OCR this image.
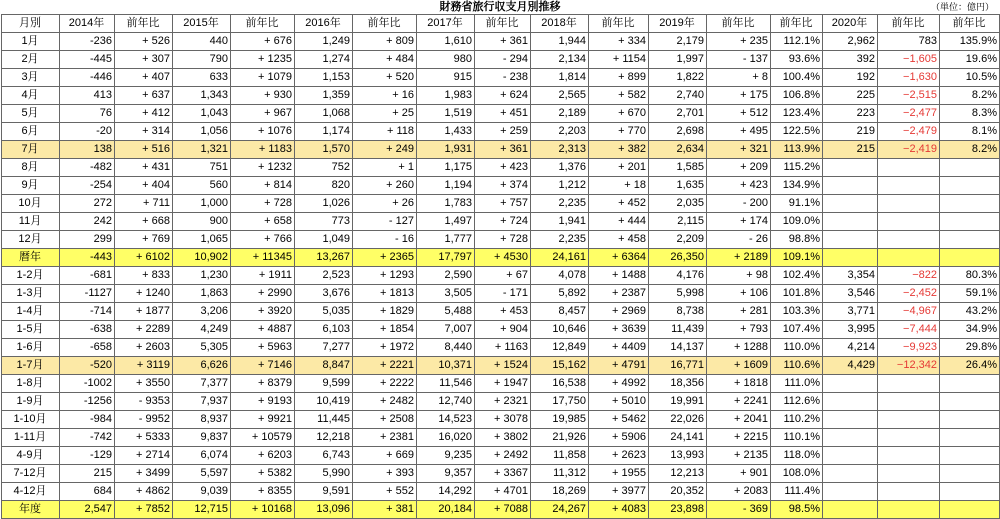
財務省旅行収支月別推移	（単位：億円）
月別	2014年	前年比	2015年	前年比	2016年	前年比	2017年	前年比	2018年	前年比	2019年	前年比	前年比	2020年	前年比	前年比
1月	-236	+ 526	440	+ 676	1,249	+ 809	1,610	+ 361	1,944	+ 334	2,179	+ 235	112.1%	2,962	783	135.9%
2月	-445	+ 307	790	+ 1235	1,274	+ 484	980	- 294	2,134	+ 1154	1,997	- 137	93.6%	392	−1,605	19.6%
3月	-446	+ 407	633	+ 1079	1,153	+ 520	915	- 238	1,814	+ 899	1,822	+ 8	100.4%	192	−1,630	10.5%
4月	413	+ 637	1,343	+ 930	1,359	+ 16	1,983	+ 624	2,565	+ 582	2,740	+ 175	106.8%	225	−2,515	8.2%
5月	76	+ 412	1,043	+ 967	1,068	+ 25	1,519	+ 451	2,189	+ 670	2,701	+ 512	123.4%	223	−2,477	8.3%
6月	-20	+ 314	1,056	+ 1076	1,174	+ 118	1,433	+ 259	2,203	+ 770	2,698	+ 495	122.5%	219	−2,479	8.1%
7月	138	+ 516	1,321	+ 1183	1,570	+ 249	1,931	+ 361	2,313	+ 382	2,634	+ 321	113.9%	215	−2,419	8.2%
8月	-482	+ 431	751	+ 1232	752	+ 1	1,175	+ 423	1,376	+ 201	1,585	+ 209	115.2%			
9月	-254	+ 404	560	+ 814	820	+ 260	1,194	+ 374	1,212	+ 18	1,635	+ 423	134.9%			
10月	272	+ 711	1,000	+ 728	1,026	+ 26	1,783	+ 757	2,235	+ 452	2,035	- 200	91.1%			
11月	242	+ 668	900	+ 658	773	- 127	1,497	+ 724	1,941	+ 444	2,115	+ 174	109.0%			
12月	299	+ 769	1,065	+ 766	1,049	- 16	1,777	+ 728	2,235	+ 458	2,209	- 26	98.8%			
暦年	-443	+ 6102	10,902	+ 11345	13,267	+ 2365	17,797	+ 4530	24,161	+ 6364	26,350	+ 2189	109.1%			
1-2月	-681	+ 833	1,230	+ 1911	2,523	+ 1293	2,590	+ 67	4,078	+ 1488	4,176	+ 98	102.4%	3,354	−822	80.3%
1-3月	-1127	+ 1240	1,863	+ 2990	3,676	+ 1813	3,505	- 171	5,892	+ 2387	5,998	+ 106	101.8%	3,546	−2,452	59.1%
1-4月	-714	+ 1877	3,206	+ 3920	5,035	+ 1829	5,488	+ 453	8,457	+ 2969	8,738	+ 281	103.3%	3,771	−4,967	43.2%
1-5月	-638	+ 2289	4,249	+ 4887	6,103	+ 1854	7,007	+ 904	10,646	+ 3639	11,439	+ 793	107.4%	3,995	−7,444	34.9%
1-6月	-658	+ 2603	5,305	+ 5963	7,277	+ 1972	8,440	+ 1163	12,849	+ 4409	14,137	+ 1288	110.0%	4,214	−9,923	29.8%
1-7月	-520	+ 3119	6,626	+ 7146	8,847	+ 2221	10,371	+ 1524	15,162	+ 4791	16,771	+ 1609	110.6%	4,429	−12,342	26.4%
1-8月	-1002	+ 3550	7,377	+ 8379	9,599	+ 2222	11,546	+ 1947	16,538	+ 4992	18,356	+ 1818	111.0%			
1-9月	-1256	- 9353	7,937	+ 9193	10,419	+ 2482	12,740	+ 2321	17,750	+ 5010	19,991	+ 2241	112.6%			
1-10月	-984	- 9952	8,937	+ 9921	11,445	+ 2508	14,523	+ 3078	19,985	+ 5462	22,026	+ 2041	110.2%			
1-11月	-742	+ 5333	9,837	+ 10579	12,218	+ 2381	16,020	+ 3802	21,926	+ 5906	24,141	+ 2215	110.1%			
4-9月	-129	+ 2714	6,074	+ 6203	6,743	+ 669	9,235	+ 2492	11,858	+ 2623	13,993	+ 2135	118.0%			
7-12月	215	+ 3499	5,597	+ 5382	5,990	+ 393	9,357	+ 3367	11,312	+ 1955	12,213	+ 901	108.0%			
4-12月	684	+ 4862	9,039	+ 8355	9,591	+ 552	14,292	+ 4701	18,269	+ 3977	20,352	+ 2083	111.4%			
年度	2,547	+ 7852	12,715	+ 10168	13,096	+ 381	20,184	+ 7088	24,267	+ 4083	23,898	- 369	98.5%			
